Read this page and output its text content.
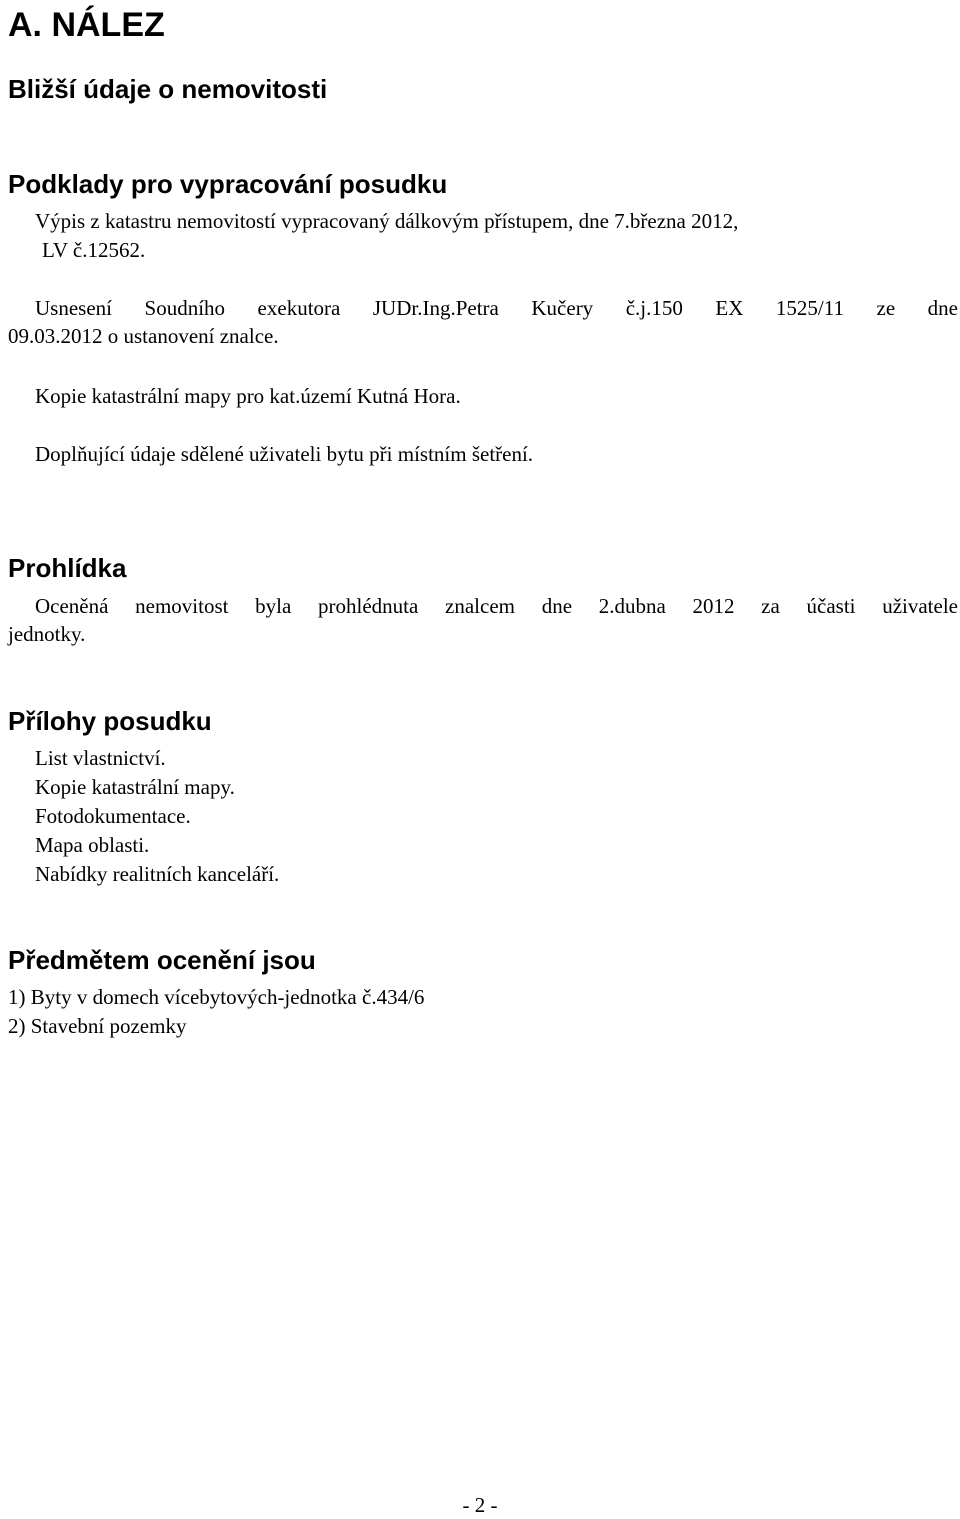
A. NÁLEZ
Bližší údaje o nemovitosti
Podklady pro vypracování posudku
Výpis z katastru nemovitostí vypracovaný dálkovým přístupem, dne 7.března 2012,
LV č.12562.
Usnesení Soudního exekutora JUDr.Ing.Petra Kučery č.j.150 EX 1525/11 ze dne
09.03.2012 o ustanovení znalce.
Kopie katastrální mapy pro kat.území Kutná Hora.
Doplňující údaje sdělené uživateli bytu při místním šetření.
Prohlídka
Oceněná nemovitost byla prohlédnuta znalcem dne 2.dubna 2012 za účasti uživatele
jednotky.
Přílohy posudku
List vlastnictví.
Kopie katastrální mapy.
Fotodokumentace.
Mapa oblasti.
Nabídky realitních kanceláří.
Předmětem ocenění jsou
1) Byty v domech vícebytových-jednotka č.434/6
2) Stavební pozemky
- 2 -
